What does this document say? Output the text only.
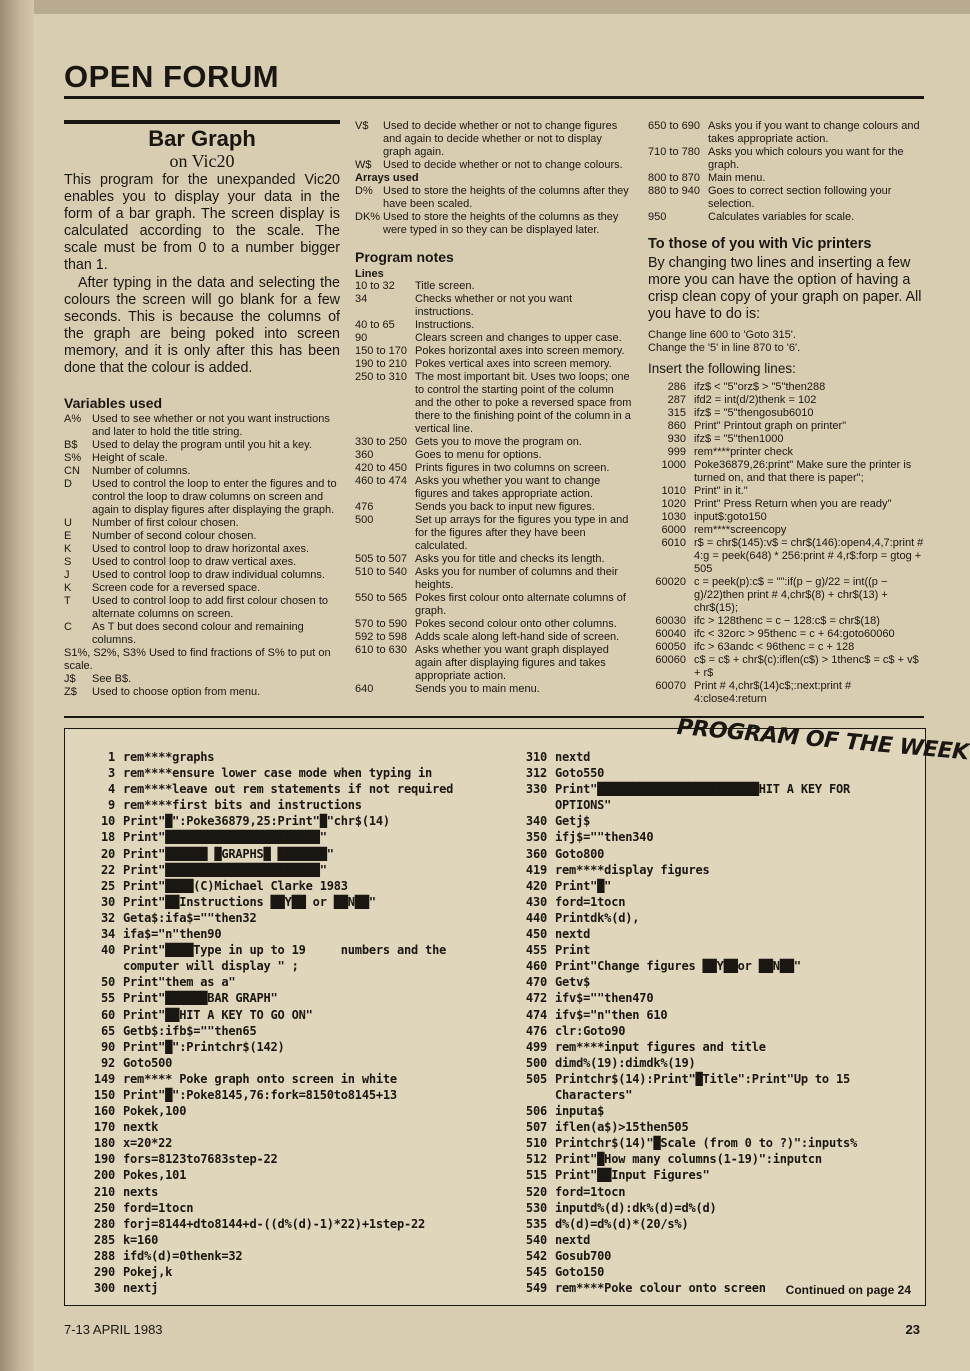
OPEN FORUM
Bar Graph
on Vic20

This program for the unexpanded Vic20 enables you to display your data in the form of a bar graph. The screen display is calculated according to the scale. The scale must be from 0 to a number bigger than 1.

After typing in the data and selecting the colours the screen will go blank for a few seconds. This is because the columns of the graph are being poked into screen memory, and it is only after this has been done that the colour is added.

Variables used
A% Used to see whether or not you want instructions and later to hold the title string.
B$	Used to delay the program until you hit a key.
S% Height of scale.
CN	Number of columns.
D	Used to control the loop to enter the figures and to control the loop to draw columns on screen and again to display figures after displaying the graph.
U	Number of first colour chosen.
E	Number of second colour chosen.
K	Used to control loop to draw horizontal axes.
S	Used to control loop to draw vertical axes.
J	Used to control loop to draw individual columns.
K	Screen code for a reversed space.
T	Used to control loop to add first colour chosen to alternate columns on screen.
C	As T but does second colour and remaining columns.
S1%, S2%, S3% Used to find fractions of S% to put on scale.
J$	See B$.
Z$	Used to choose option from menu.
V$	Used to decide whether or not to change figures and again to decide whether or not to display graph again.
W$	Used to decide whether or not to change colours.
Arrays used
D% Used to store the heights of the columns after they have been scaled.
DK% Used to store the heights of the columns as they were typed in so they can be displayed later.
Program notes
Lines
10 to 32	Title screen.
34	Checks whether or not you want instructions.
40 to 65	Instructions.
90	Clears screen and changes to upper case.
150 to 170 Pokes horizontal axes into screen memory.
190 to 210 Pokes vertical axes into screen memory.
250 to 310 The most important bit. Uses two loops; one to control the starting point of the column and the other to poke a reversed space from there to the finishing point of the column in a vertical line.
330 to 250 Gets you to move the program on.
360	Goes to menu for options.
420 to 450 Prints figures in two columns on screen.
460 to 474 Asks you whether you want to change figures and takes appropriate action.
476	Sends you back to input new figures.
500	Set up arrays for the figures you type in and for the figures after they have been calculated.
505 to 507 Asks you for title and checks its length.
510 to 540 Asks you for number of columns and their heights.
550 to 565 Pokes first colour onto alternate columns of graph.
570 to 590 Pokes second colour onto other columns.
592 to 598 Adds scale along left-hand side of screen.
610 to 630 Asks whether you want graph displayed again after displaying figures and takes appropriate action.
640	Sends you to main menu.
650 to 690 Asks you if you want to change colours and takes appropriate action.
710 to 780 Asks you which colours you want for the graph.
800 to 870 Main menu.
880 to 940 Goes to correct section following your selection.
950	Calculates variables for scale.
To those of you with Vic printers

By changing two lines and inserting a few more you can have the option of having a crisp clean copy of your graph on paper. All you have to do is:

Change line 600 to 'Goto 315'.
Change the '5' in line 870 to '6'.
Insert the following lines:
286 ifz$ < "5"orz$ > "5"then288
287 ifd2 = int(d/2)thenk = 102
315 ifz$ = "5"thengosub6010
860 Print" Printout graph on printer"
930 ifz$ = "5"then1000
999 rem****printer check
1000 Poke36879,26:print" Make sure the printer is turned on, and that there is paper";
1010 Print" in it."
1020 Print" Press Return when you are ready"
1030 input$:goto150
6000 rem****screencopy
6010 r$ = chr$(145):v$ = chr$(146):open4,4,7:print # 4:g = peek(648) * 256:print # 4,r$:forp = gtog + 505
60020 c = peek(p):c$ = "":if(p − g)/22 = int((p − g)/22)then print # 4,chr$(8) + chr$(13) + chr$(15);
60030 ifc > 128thenc = c − 128:c$ = chr$(18)
60040 ifc < 32orc > 95thenc = c + 64:goto60060
60050 ifc > 63andc < 96thenc = c + 128
60060 c$ = c$ + chr$(c):iflen(c$) > 1thenc$ = c$ + v$ + r$
60070 Print # 4,chr$(14)c$;:next:print # 4:close4:return
1 rem****graphs
3 rem****ensure lower case mode when typing in
4 rem****leave out rem statements if not required
9 rem****first bits and instructions
10 Print"█":Poke36879,25:Print"█"chr$(14)
18 Print"██████████████████████"
20 Print"██████ █GRAPHS█ ███████"
22 Print"██████████████████████"
25 Print"████(C)Michael Clarke 1983
30 Print"██Instructions ██Y██ or ██N██"
32 Geta$:ifa$=""then32
34 ifa$="n"then90
40 Print"████Type in up to 19     numbers and the
computer will display " ;
50 Print"them as a"
55 Print"██████BAR GRAPH"
60 Print"██HIT A KEY TO GO ON"
65 Getb$:ifb$=""then65
90 Print"█":Printchr$(142)
92 Goto500
149 rem**** Poke graph onto screen in white
150 Print"█":Poke8145,76:fork=8150to8145+13
160 Pokek,100
170 nextk
180 x=20*22
190 fors=8123to7683step-22
200 Pokes,101
210 nexts
250 ford=1tocn
280 forj=8144+dto8144+d-((d%(d)-1)*22)+1step-22
285 k=160
288 ifd%(d)=0thenk=32
290 Pokej,k
300 nextj
310 nextd
312 Goto550
330 Print"███████████████████████HIT A KEY FOR
OPTIONS"
340 Getj$
350 ifj$=""then340
360 Goto800
419 rem****display figures
420 Print"█"
430 ford=1tocn
440 Printdk%(d),
450 nextd
455 Print
460 Print"Change figures ██Y██or ██N██"
470 Getv$
472 ifv$=""then470
474 ifv$="n"then 610
476 clr:Goto90
499 rem****input figures and title
500 dimd%(19):dimdk%(19)
505 Printchr$(14):Print"█Title":Print"Up to 15
Characters"
506 inputa$
507 iflen(a$)>15then505
510 Printchr$(14)"█Scale (from 0 to ?)":inputs%
512 Print"█How many columns(1-19)":inputcn
515 Print"██Input Figures"
520 ford=1tocn
530 inputd%(d):dk%(d)=d%(d)
535 d%(d)=d%(d)*(20/s%)
540 nextd
542 Gosub700
545 Goto150
549 rem****Poke colour onto screen	Continued on page 24
PROGRAM OF THE WEEK
7-13 APRIL 1983	23
